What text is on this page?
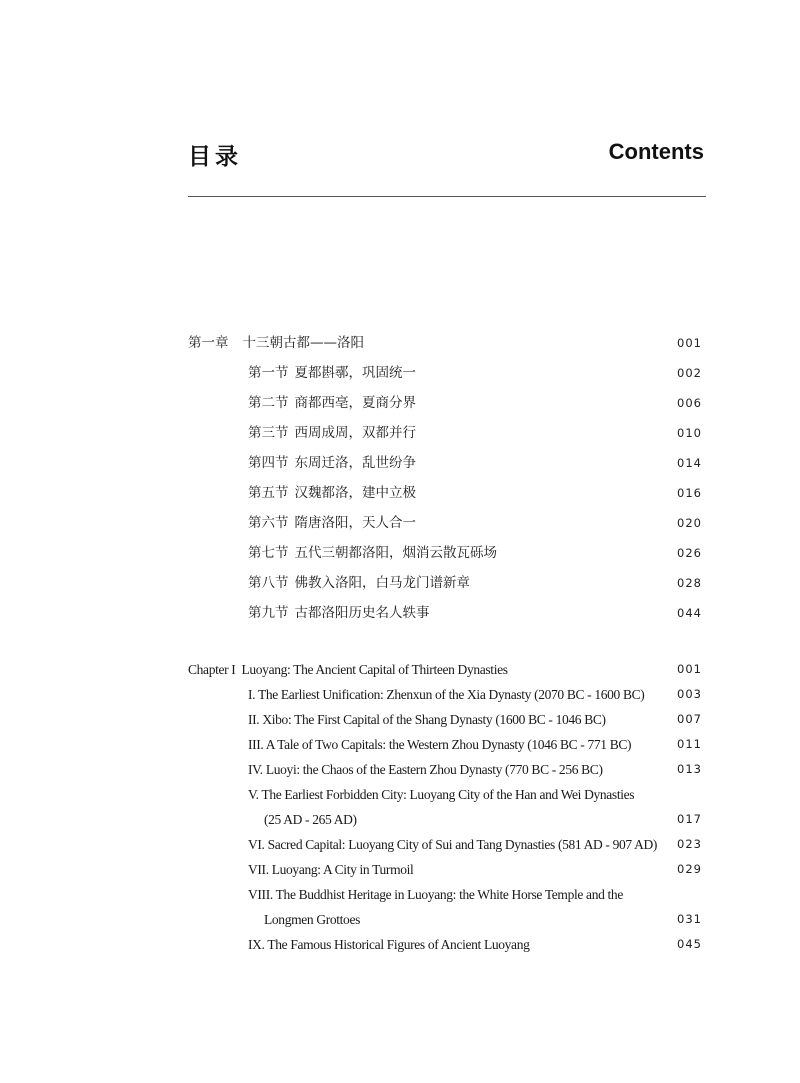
目录	Contents
第一章 十三朝古都——洛阳	001
第一节 夏都斟鄩，巩固统一	002
第二节 商都西亳，夏商分界	006
第三节 西周成周，双都并行	010
第四节 东周迁洛，乱世纷争	014
第五节 汉魏都洛，建中立极	016
第六节 隋唐洛阳，天人合一	020
第七节 五代三朝都洛阳，烟消云散瓦砾场	026
第八节 佛教入洛阳，白马龙门谱新章	028
第九节 古都洛阳历史名人轶事	044
Chapter I Luoyang: The Ancient Capital of Thirteen Dynasties	001
I. The Earliest Unification: Zhenxun of the Xia Dynasty (2070 BC - 1600 BC)	003
II. Xibo: The First Capital of the Shang Dynasty (1600 BC - 1046 BC)	007
III. A Tale of Two Capitals: the Western Zhou Dynasty (1046 BC - 771 BC)	011
IV. Luoyi: the Chaos of the Eastern Zhou Dynasty (770 BC - 256 BC)	013
V. The Earliest Forbidden City: Luoyang City of the Han and Wei Dynasties
(25 AD - 265 AD)	017
VI. Sacred Capital: Luoyang City of Sui and Tang Dynasties (581 AD - 907 AD) 023
VII. Luoyang: A City in Turmoil	029
VIII. The Buddhist Heritage in Luoyang: the White Horse Temple and the
Longmen Grottoes	031
IX. The Famous Historical Figures of Ancient Luoyang	045
